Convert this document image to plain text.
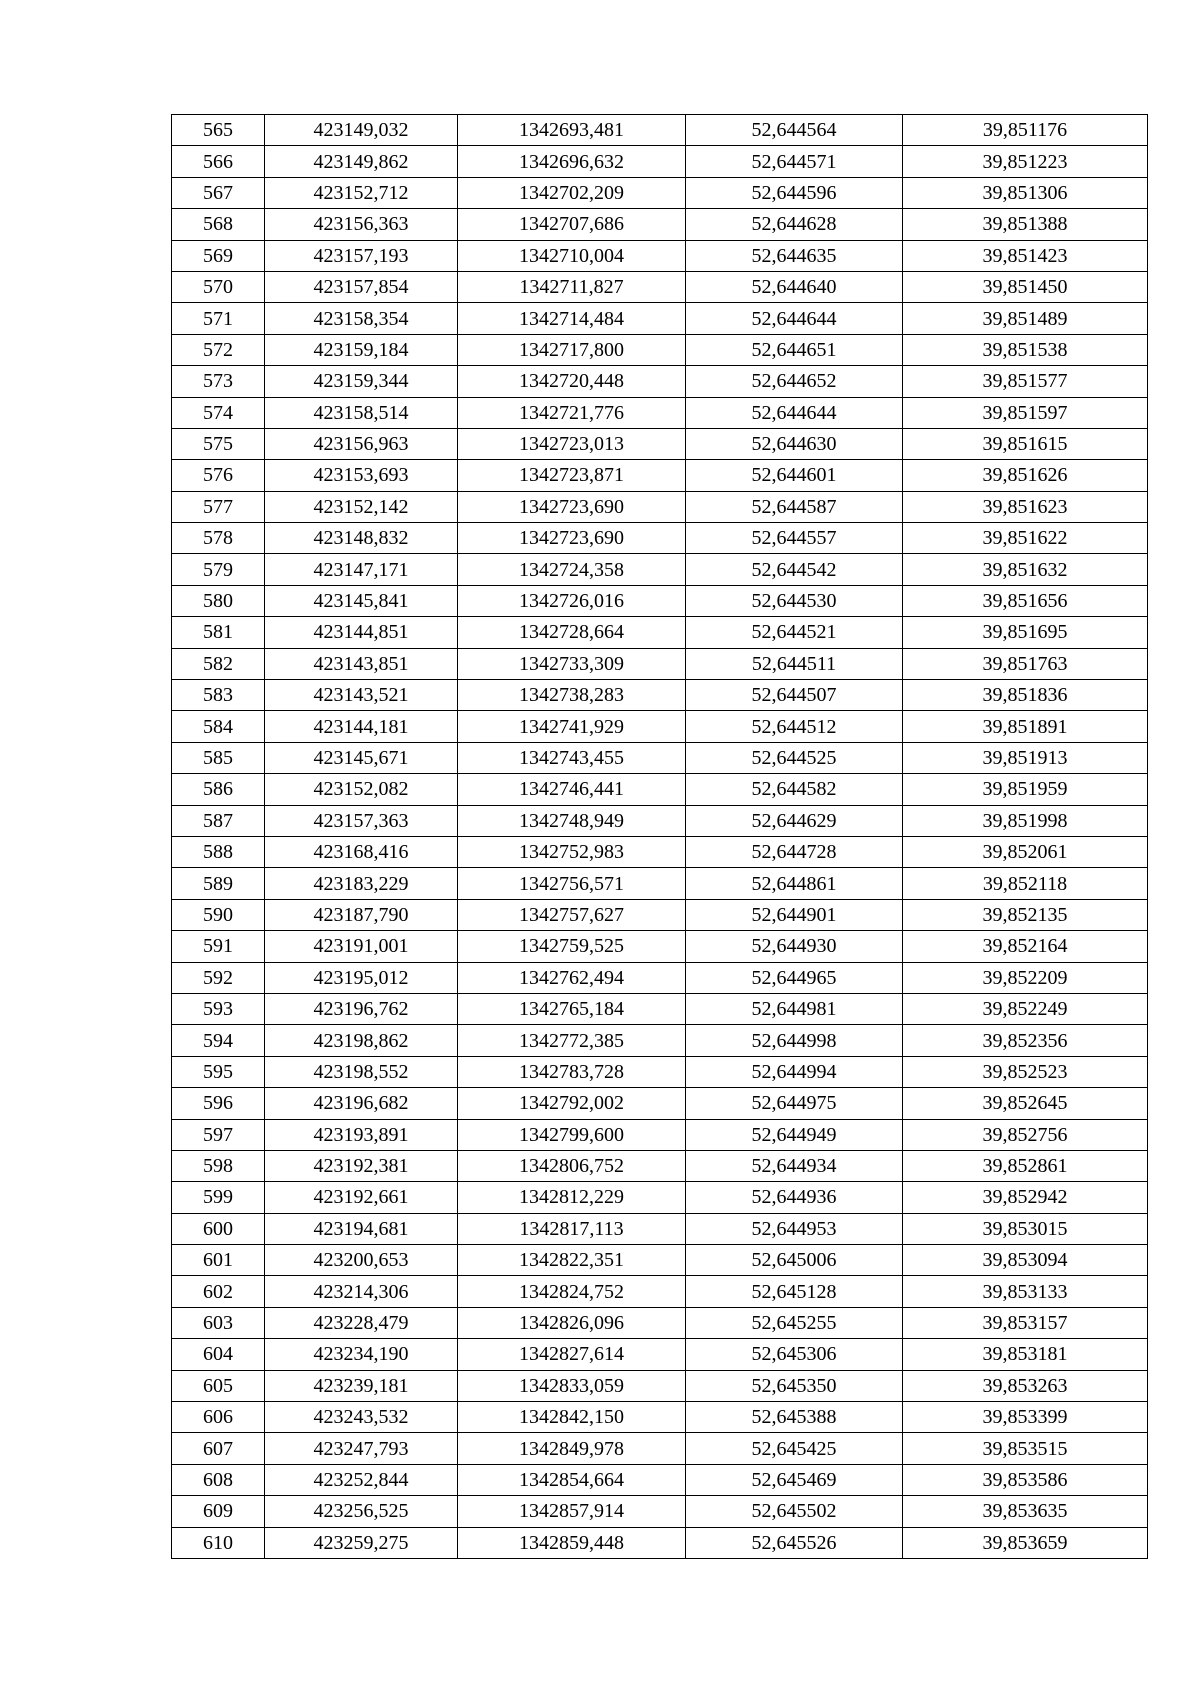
565	423149,032	1342693,481	52,644564	39,851176
566	423149,862	1342696,632	52,644571	39,851223
567	423152,712	1342702,209	52,644596	39,851306
568	423156,363	1342707,686	52,644628	39,851388
569	423157,193	1342710,004	52,644635	39,851423
570	423157,854	1342711,827	52,644640	39,851450
571	423158,354	1342714,484	52,644644	39,851489
572	423159,184	1342717,800	52,644651	39,851538
573	423159,344	1342720,448	52,644652	39,851577
574	423158,514	1342721,776	52,644644	39,851597
575	423156,963	1342723,013	52,644630	39,851615
576	423153,693	1342723,871	52,644601	39,851626
577	423152,142	1342723,690	52,644587	39,851623
578	423148,832	1342723,690	52,644557	39,851622
579	423147,171	1342724,358	52,644542	39,851632
580	423145,841	1342726,016	52,644530	39,851656
581	423144,851	1342728,664	52,644521	39,851695
582	423143,851	1342733,309	52,644511	39,851763
583	423143,521	1342738,283	52,644507	39,851836
584	423144,181	1342741,929	52,644512	39,851891
585	423145,671	1342743,455	52,644525	39,851913
586	423152,082	1342746,441	52,644582	39,851959
587	423157,363	1342748,949	52,644629	39,851998
588	423168,416	1342752,983	52,644728	39,852061
589	423183,229	1342756,571	52,644861	39,852118
590	423187,790	1342757,627	52,644901	39,852135
591	423191,001	1342759,525	52,644930	39,852164
592	423195,012	1342762,494	52,644965	39,852209
593	423196,762	1342765,184	52,644981	39,852249
594	423198,862	1342772,385	52,644998	39,852356
595	423198,552	1342783,728	52,644994	39,852523
596	423196,682	1342792,002	52,644975	39,852645
597	423193,891	1342799,600	52,644949	39,852756
598	423192,381	1342806,752	52,644934	39,852861
599	423192,661	1342812,229	52,644936	39,852942
600	423194,681	1342817,113	52,644953	39,853015
601	423200,653	1342822,351	52,645006	39,853094
602	423214,306	1342824,752	52,645128	39,853133
603	423228,479	1342826,096	52,645255	39,853157
604	423234,190	1342827,614	52,645306	39,853181
605	423239,181	1342833,059	52,645350	39,853263
606	423243,532	1342842,150	52,645388	39,853399
607	423247,793	1342849,978	52,645425	39,853515
608	423252,844	1342854,664	52,645469	39,853586
609	423256,525	1342857,914	52,645502	39,853635
610	423259,275	1342859,448	52,645526	39,853659
